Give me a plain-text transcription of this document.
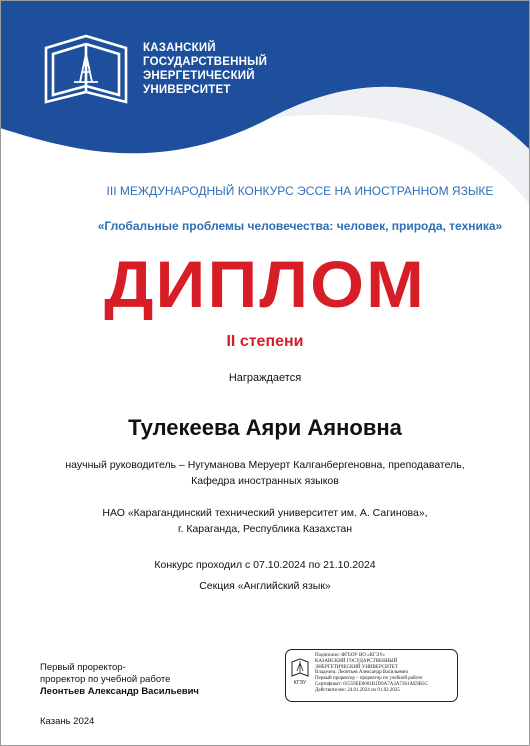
КАЗАНСКИЙ
ГОСУДАРСТВЕННЫЙ
ЭНЕРГЕТИЧЕСКИЙ
УНИВЕРСИТЕТ
III МЕЖДУНАРОДНЫЙ КОНКУРС ЭССЕ НА ИНОСТРАННОМ ЯЗЫКЕ
«Глобальные проблемы человечества: человек, природа, техника»
ДИПЛОМ
II степени
Награждается
Тулекеева Аяри Аяновна
научный руководитель – Нугуманова Меруерт Калганбергеновна, преподаватель,
Кафедра иностранных языков
НАО «Карагандинский технический университет им. А. Сагинова»,
г. Караганда, Республика Казахстан
Конкурс проходил с 07.10.2024 по 21.10.2024
Секция «Английский язык»
Первый проректор-
проректор по учебной работе
Леонтьев Александр Васильевич
КГЭУ
Подписано: ФГБОУ ВО «КГЭУ»
КАЗАНСКИЙ ГОСУДАРСТВЕННЫЙ
ЭНЕРГЕТИЧЕСКИЙ УНИВЕРСИТЕТ
Владелец: Леонтьев Александр Васильевич
Первый проректор – проректор по учебной работе
Сертификат: 01559ЕЕ0001В1D9A7A3A7361АЕ9В5С
Действителен: 24.01.2024 по 01.02.2025
Казань 2024
